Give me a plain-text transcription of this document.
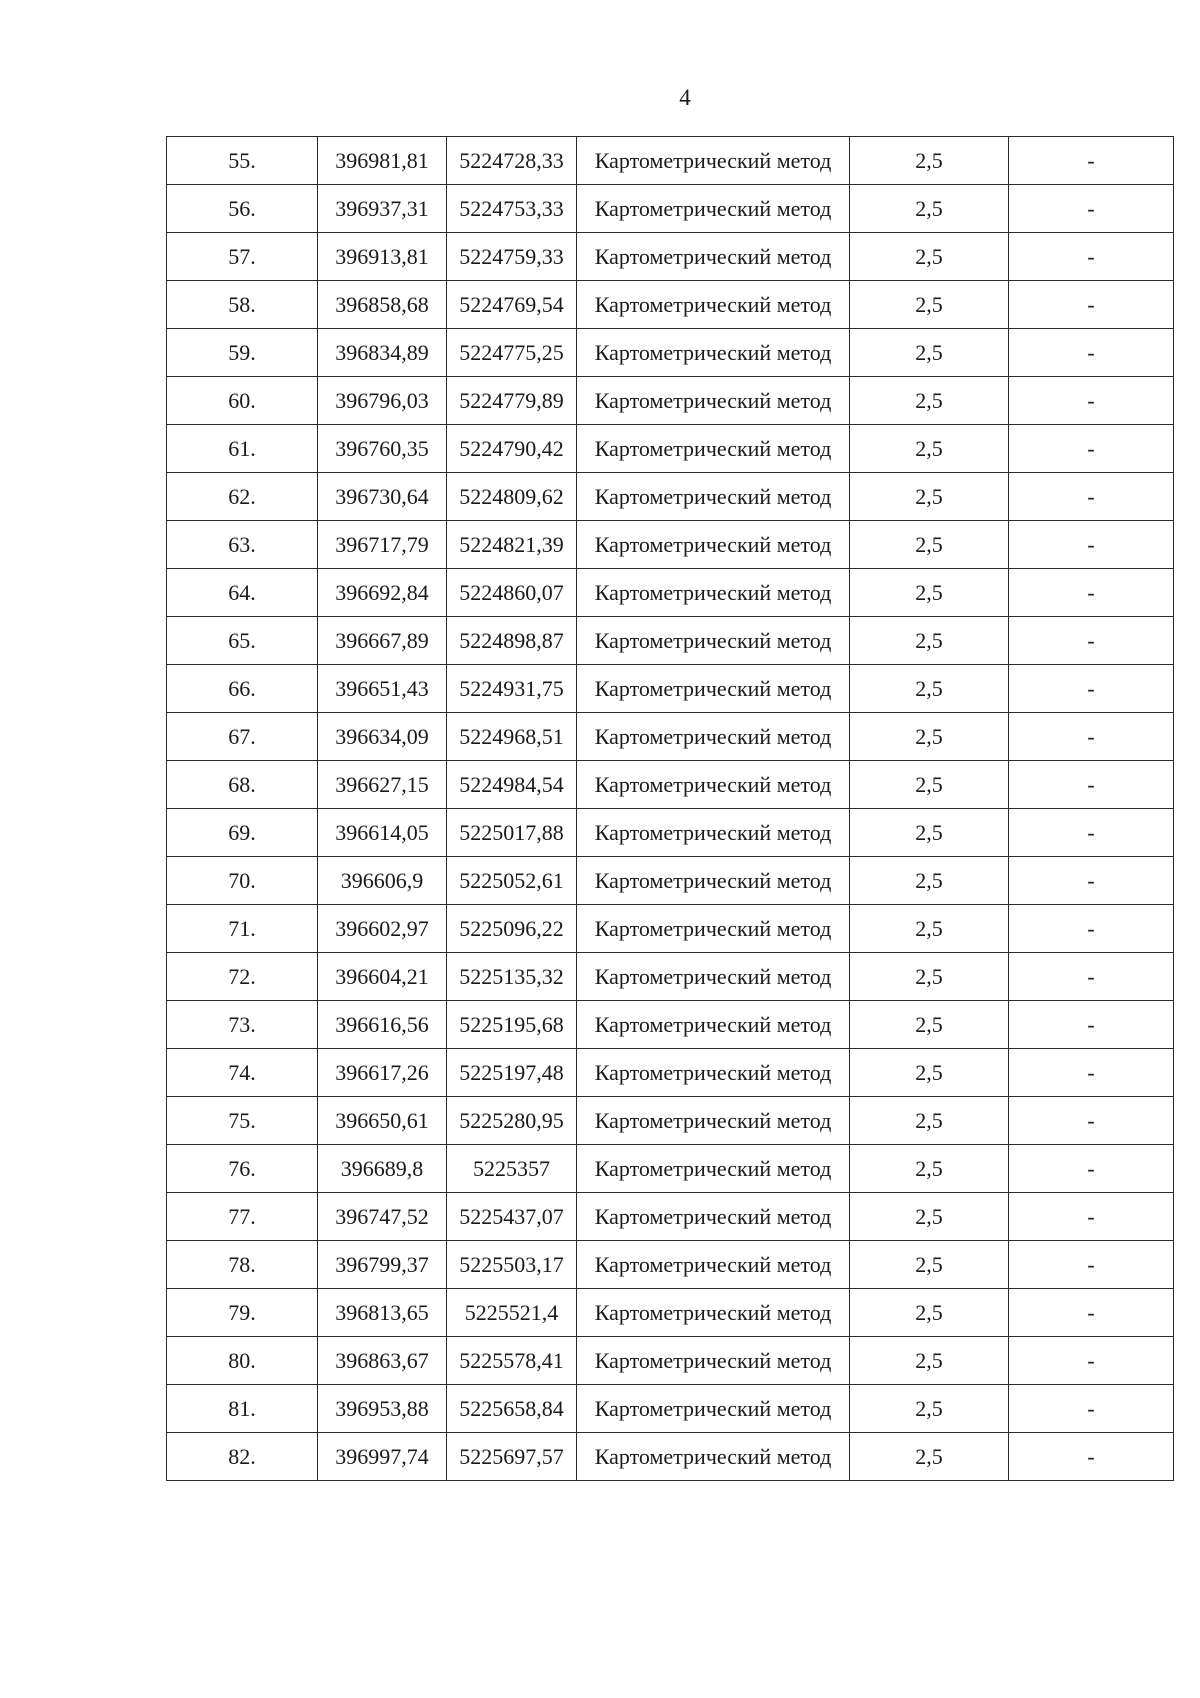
4
55.	396981,81	5224728,33	Картометрический метод	2,5	-
56.	396937,31	5224753,33	Картометрический метод	2,5	-
57.	396913,81	5224759,33	Картометрический метод	2,5	-
58.	396858,68	5224769,54	Картометрический метод	2,5	-
59.	396834,89	5224775,25	Картометрический метод	2,5	-
60.	396796,03	5224779,89	Картометрический метод	2,5	-
61.	396760,35	5224790,42	Картометрический метод	2,5	-
62.	396730,64	5224809,62	Картометрический метод	2,5	-
63.	396717,79	5224821,39	Картометрический метод	2,5	-
64.	396692,84	5224860,07	Картометрический метод	2,5	-
65.	396667,89	5224898,87	Картометрический метод	2,5	-
66.	396651,43	5224931,75	Картометрический метод	2,5	-
67.	396634,09	5224968,51	Картометрический метод	2,5	-
68.	396627,15	5224984,54	Картометрический метод	2,5	-
69.	396614,05	5225017,88	Картометрический метод	2,5	-
70.	396606,9	5225052,61	Картометрический метод	2,5	-
71.	396602,97	5225096,22	Картометрический метод	2,5	-
72.	396604,21	5225135,32	Картометрический метод	2,5	-
73.	396616,56	5225195,68	Картометрический метод	2,5	-
74.	396617,26	5225197,48	Картометрический метод	2,5	-
75.	396650,61	5225280,95	Картометрический метод	2,5	-
76.	396689,8	5225357	Картометрический метод	2,5	-
77.	396747,52	5225437,07	Картометрический метод	2,5	-
78.	396799,37	5225503,17	Картометрический метод	2,5	-
79.	396813,65	5225521,4	Картометрический метод	2,5	-
80.	396863,67	5225578,41	Картометрический метод	2,5	-
81.	396953,88	5225658,84	Картометрический метод	2,5	-
82.	396997,74	5225697,57	Картометрический метод	2,5	-
